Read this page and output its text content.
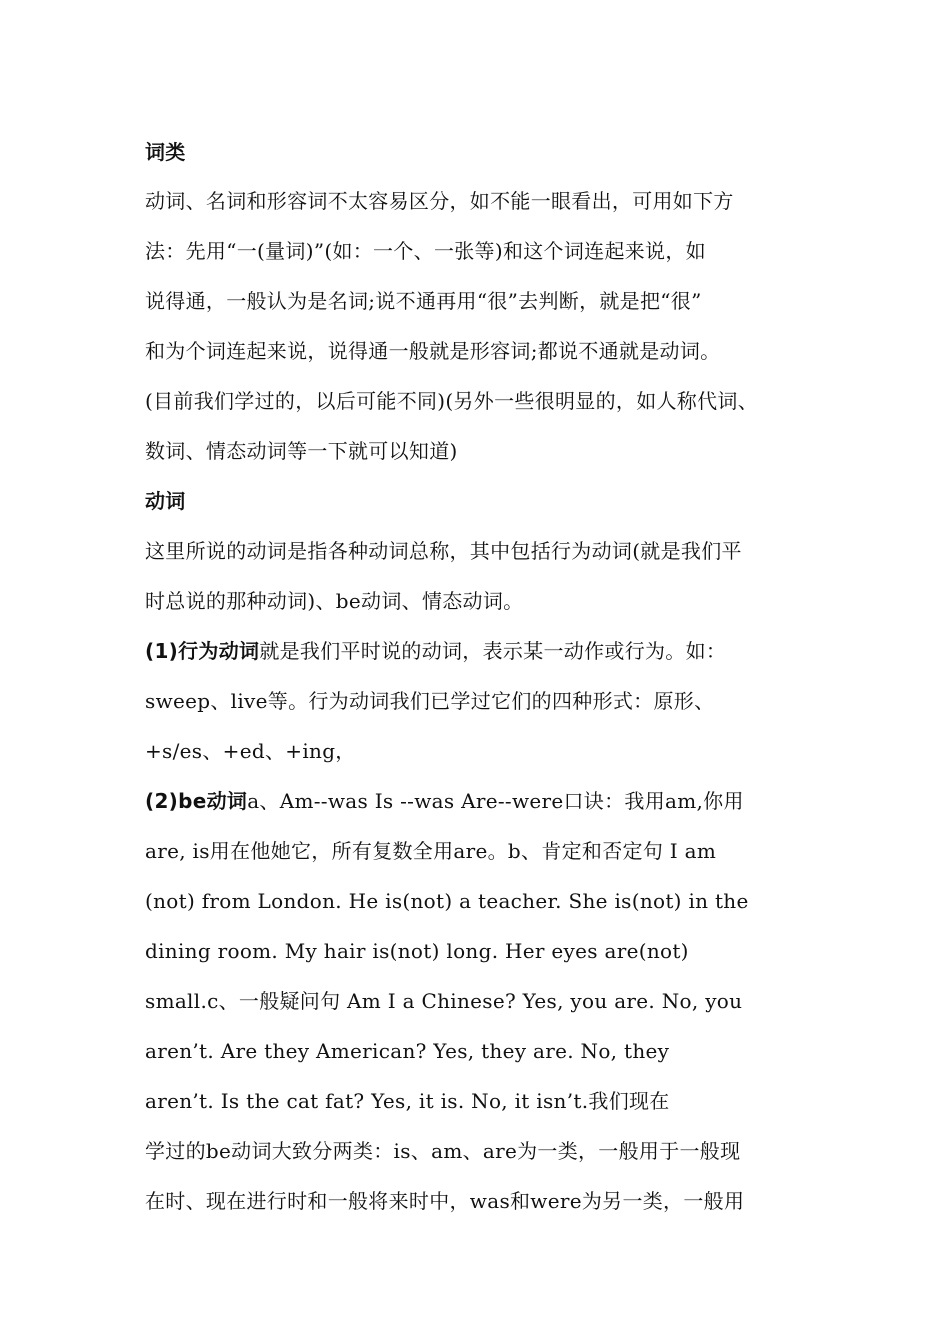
词类
动词、名词和形容词不太容易区分，如不能一眼看出，可用如下方
法：先用“一(量词)”(如：一个、一张等)和这个词连起来说，如
说得通，一般认为是名词;说不通再用“很”去判断，就是把“很”
和为个词连起来说，说得通一般就是形容词;都说不通就是动词。
(目前我们学过的，以后可能不同)(另外一些很明显的，如人称代词、
数词、情态动词等一下就可以知道)
动词
这里所说的动词是指各种动词总称，其中包括行为动词(就是我们平
时总说的那种动词)、be动词、情态动词。
(1)行为动词就是我们平时说的动词，表示某一动作或行为。如：
sweep、live等。行为动词我们已学过它们的四种形式：原形、
+s/es、+ed、+ing，
(2)be动词a、Am--was Is --was Are--were口诀：我用am,你用
are, is用在他她它，所有复数全用are。b、肯定和否定句 I am
(not) from London. He is(not) a teacher. She is(not) in the
dining room. My hair is(not) long. Her eyes are(not)
small.c、一般疑问句 Am I a Chinese? Yes, you are. No, you
aren’t. Are they American? Yes, they are. No, they
aren’t. Is the cat fat? Yes, it is. No, it isn’t.我们现在
学过的be动词大致分两类：is、am、are为一类，一般用于一般现
在时、现在进行时和一般将来时中，was和were为另一类，一般用
